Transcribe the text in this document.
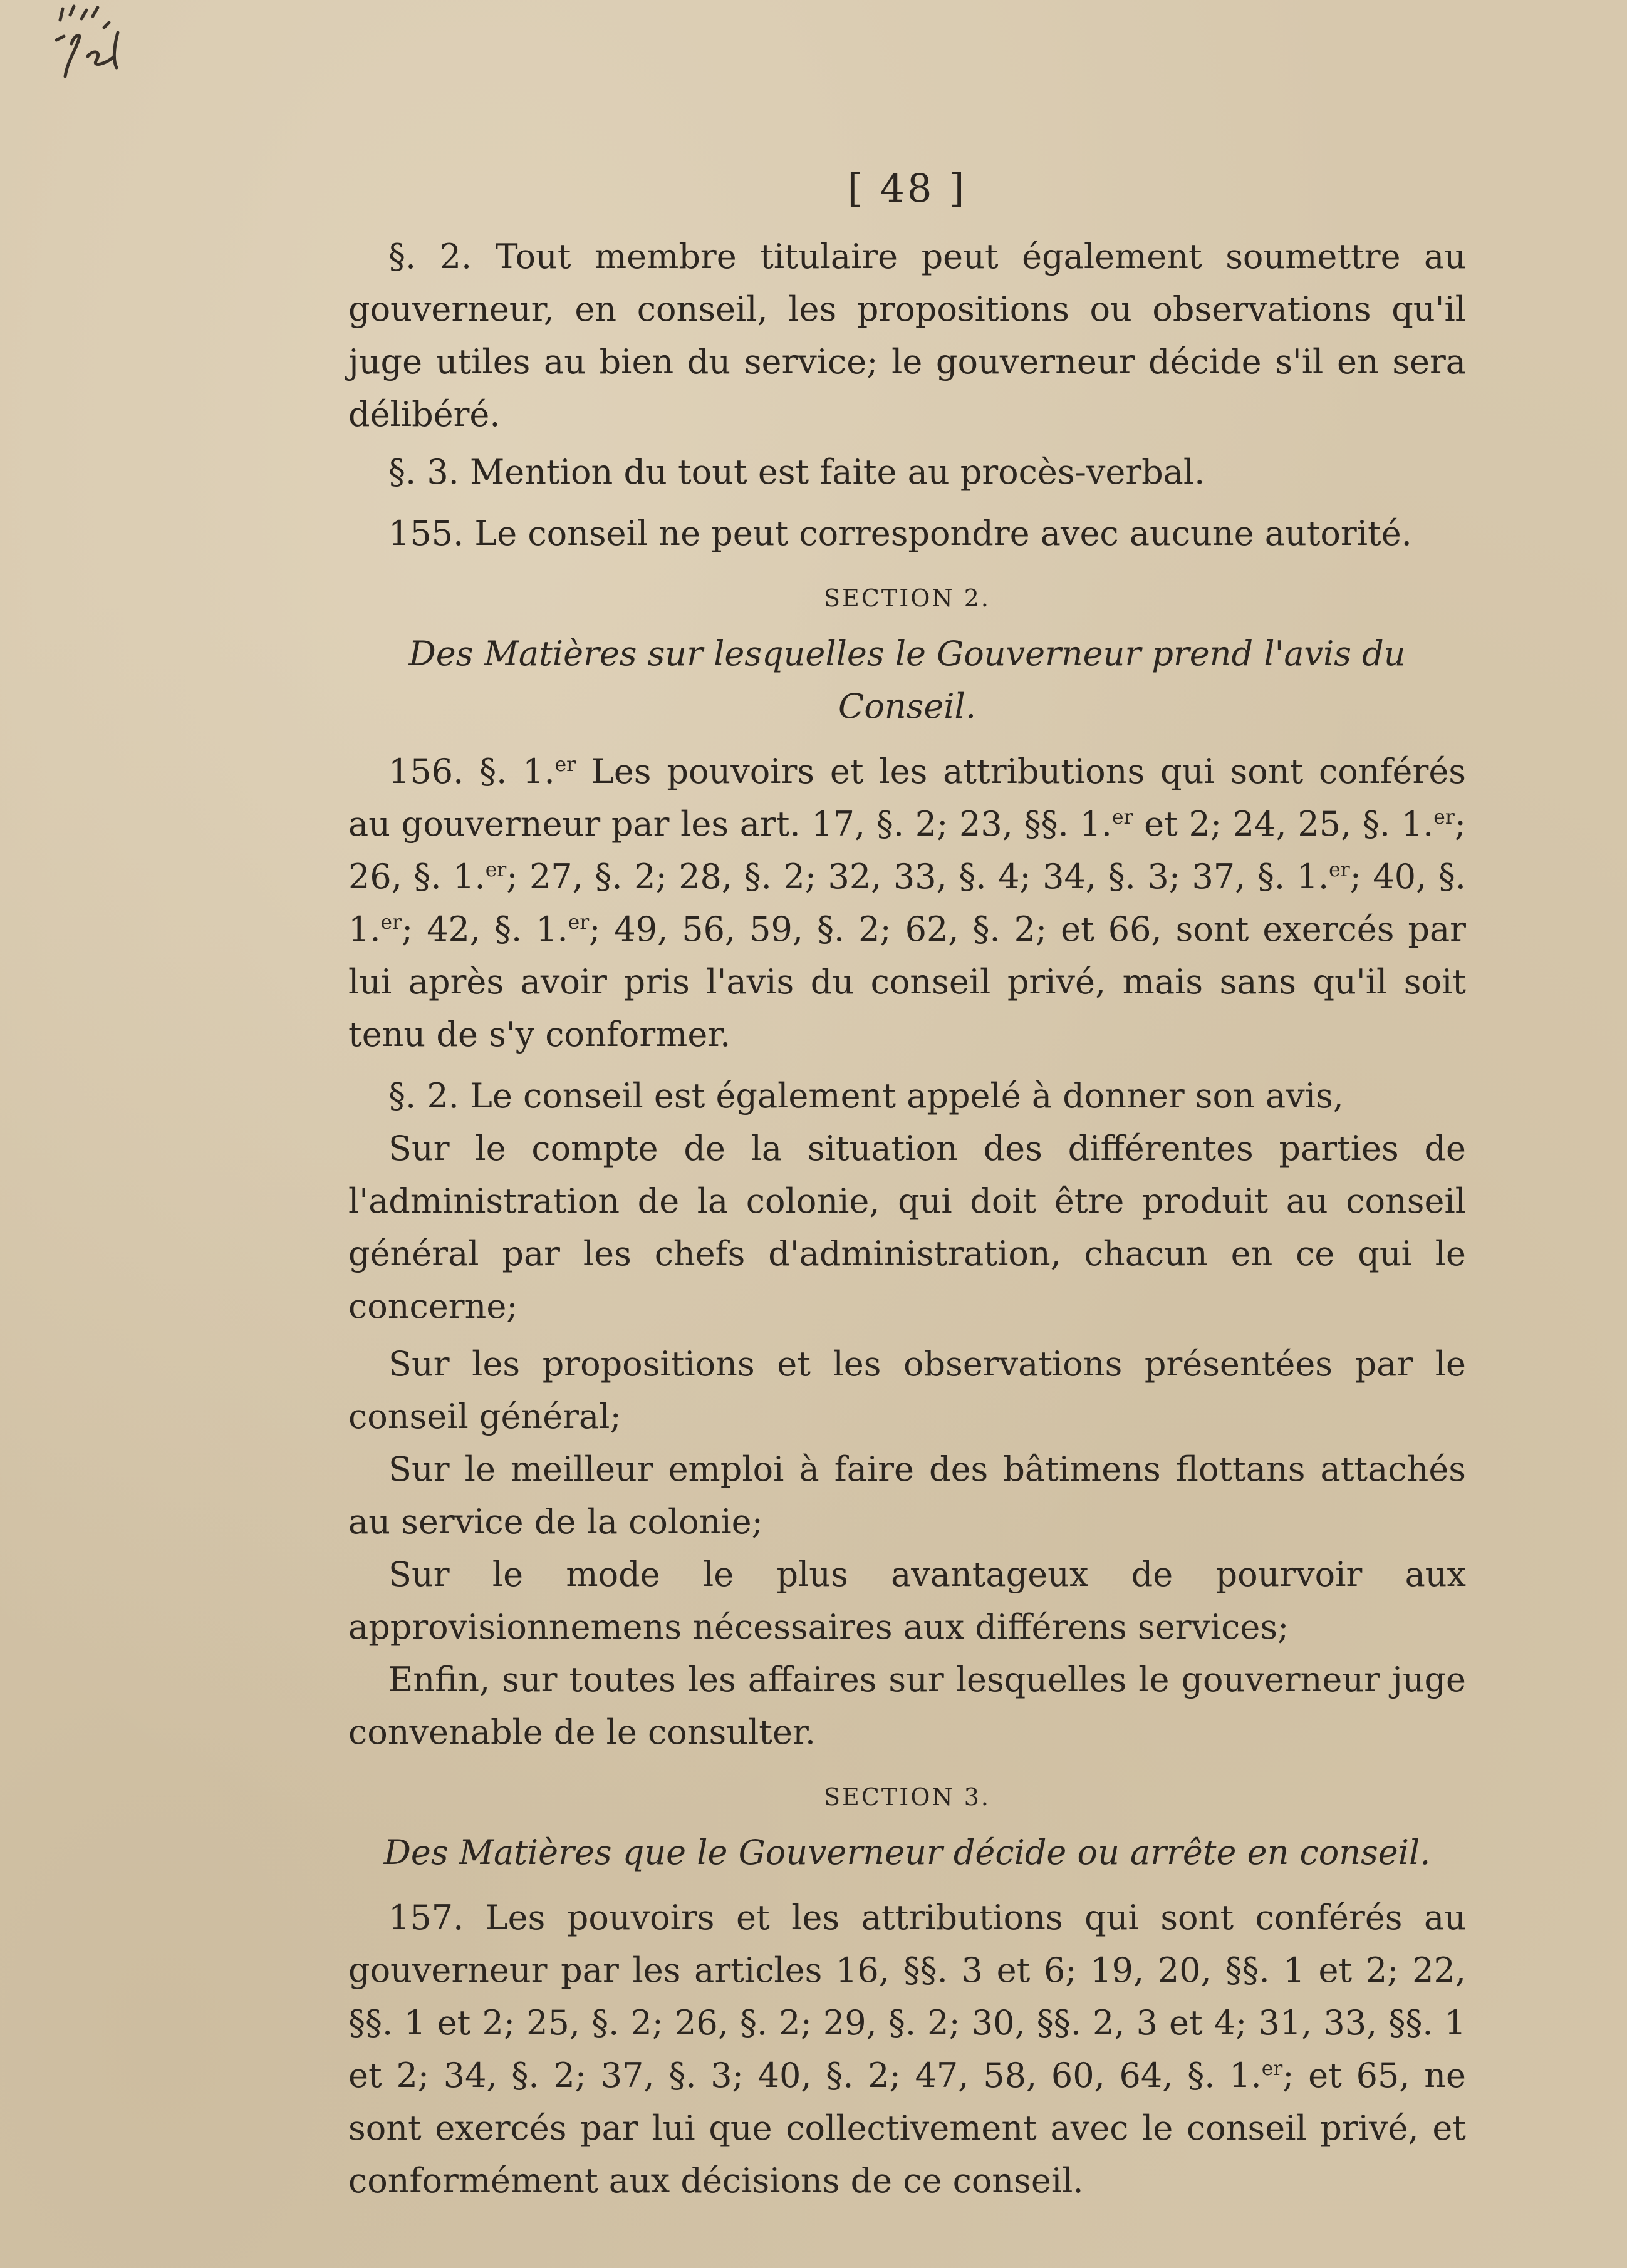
[ 48 ]

§. 2. Tout membre titulaire peut également soumettre au gouverneur, en conseil, les propositions ou observations qu'il juge utiles au bien du service; le gouverneur décide s'il en sera délibéré.

§. 3. Mention du tout est faite au procès-verbal.

155. Le conseil ne peut correspondre avec aucune autorité.

SECTION 2.
Des Matières sur lesquelles le Gouverneur prend l'avis du Conseil.

156. §. 1.$^{er}$ Les pouvoirs et les attributions qui sont conférés au gouverneur par les art. 17, §. 2; 23, §§. 1.$^{er}$ et 2; 24, 25, §. 1.$^{er}$; 26, §. 1.$^{er}$; 27, §. 2; 28, §. 2; 32, 33, §. 4; 34, §. 3; 37, §. 1.$^{er}$; 40, §. 1.$^{er}$; 42, §. 1.$^{er}$; 49, 56, 59, §. 2; 62, §. 2; et 66, sont exercés par lui après avoir pris l'avis du conseil privé, mais sans qu'il soit tenu de s'y conformer.

§. 2. Le conseil est également appelé à donner son avis,

Sur le compte de la situation des différentes parties de l'administration de la colonie, qui doit être produit au conseil général par les chefs d'administration, chacun en ce qui le concerne;

Sur les propositions et les observations présentées par le conseil général;

Sur le meilleur emploi à faire des bâtimens flottans attachés au service de la colonie;

Sur le mode le plus avantageux de pourvoir aux approvisionnemens nécessaires aux différens services;

Enfin, sur toutes les affaires sur lesquelles le gouverneur juge convenable de le consulter.

SECTION 3.
Des Matières que le Gouverneur décide ou arrête en conseil.

157. Les pouvoirs et les attributions qui sont conférés au gouverneur par les articles 16, §§. 3 et 6; 19, 20, §§. 1 et 2; 22, §§. 1 et 2; 25, §. 2; 26, §. 2; 29, §. 2; 30, §§. 2, 3 et 4; 31, 33, §§. 1 et 2; 34, §. 2; 37, §. 3; 40, §. 2; 47, 58, 60, 64, §. 1.$^{er}$; et 65, ne sont exercés par lui que collectivement avec le conseil privé, et conformément aux décisions de ce conseil.
